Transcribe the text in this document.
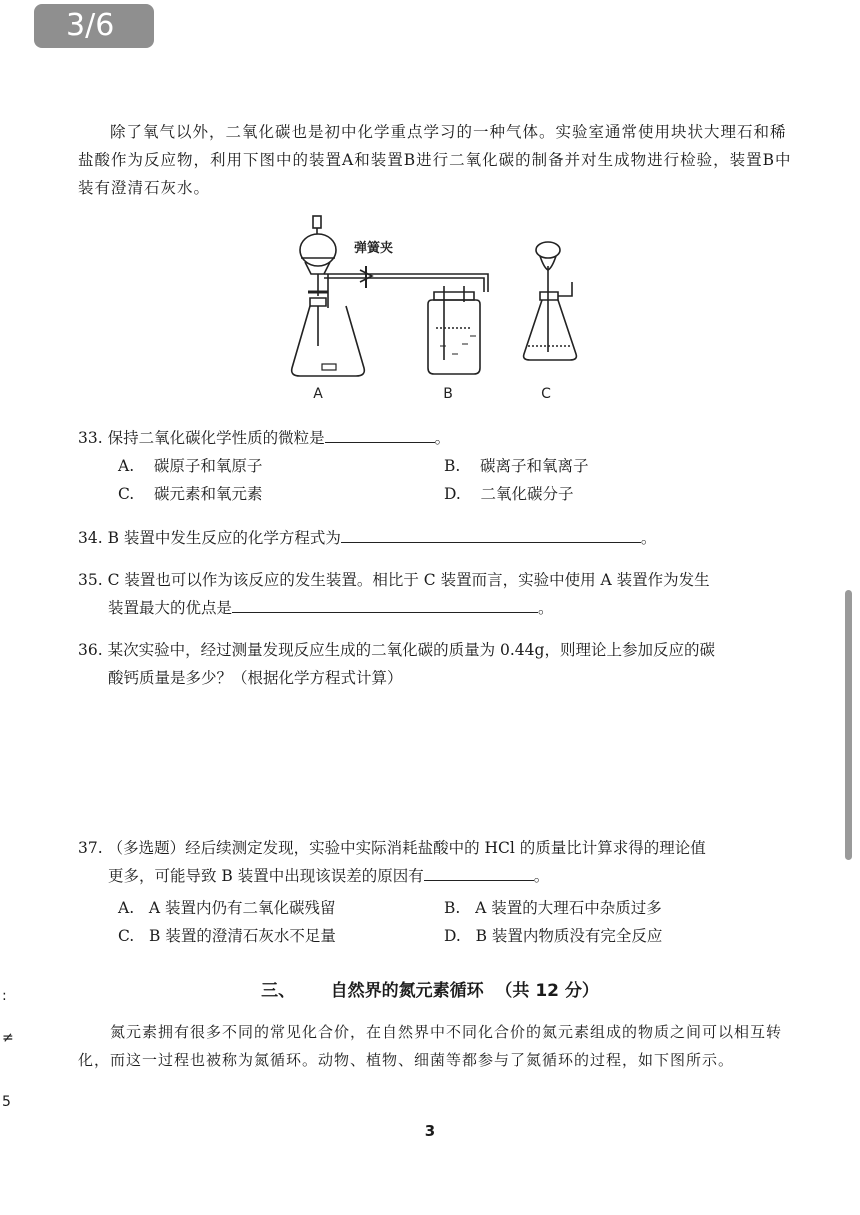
3/6
:
≠
5
除了氧气以外，二氧化碳也是初中化学重点学习的一种气体。实验室通常使用块状大理石和稀盐酸作为反应物，利用下图中的装置A和装置B进行二氧化碳的制备并对生成物进行检验，装置B中装有澄清石灰水。
弹簧夹
A	B	C
33. 保持二氧化碳化学性质的微粒是	。
A. 碳原子和氧原子	B. 碳离子和氧离子
C. 碳元素和氧元素	D. 二氧化碳分子
34. B 装置中发生反应的化学方程式为	。
35. C 装置也可以作为该反应的发生装置。相比于 C 装置而言，实验中使用 A 装置作为发生
装置最大的优点是	。
36. 某次实验中，经过测量发现反应生成的二氧化碳的质量为 0.44g，则理论上参加反应的碳
酸钙质量是多少？（根据化学方程式计算）
37. （多选题）经后续测定发现，实验中实际消耗盐酸中的 HCl 的质量比计算求得的理论值
更多，可能导致 B 装置中出现该误差的原因有	。
A. A 装置内仍有二氧化碳残留	B. A 装置的大理石中杂质过多
C. B 装置的澄清石灰水不足量	D. B 装置内物质没有完全反应
三、      自然界的氮元素循环  （共 12 分）
氮元素拥有很多不同的常见化合价，在自然界中不同化合价的氮元素组成的物质之间可以相互转化，而这一过程也被称为氮循环。动物、植物、细菌等都参与了氮循环的过程，如下图所示。
3
